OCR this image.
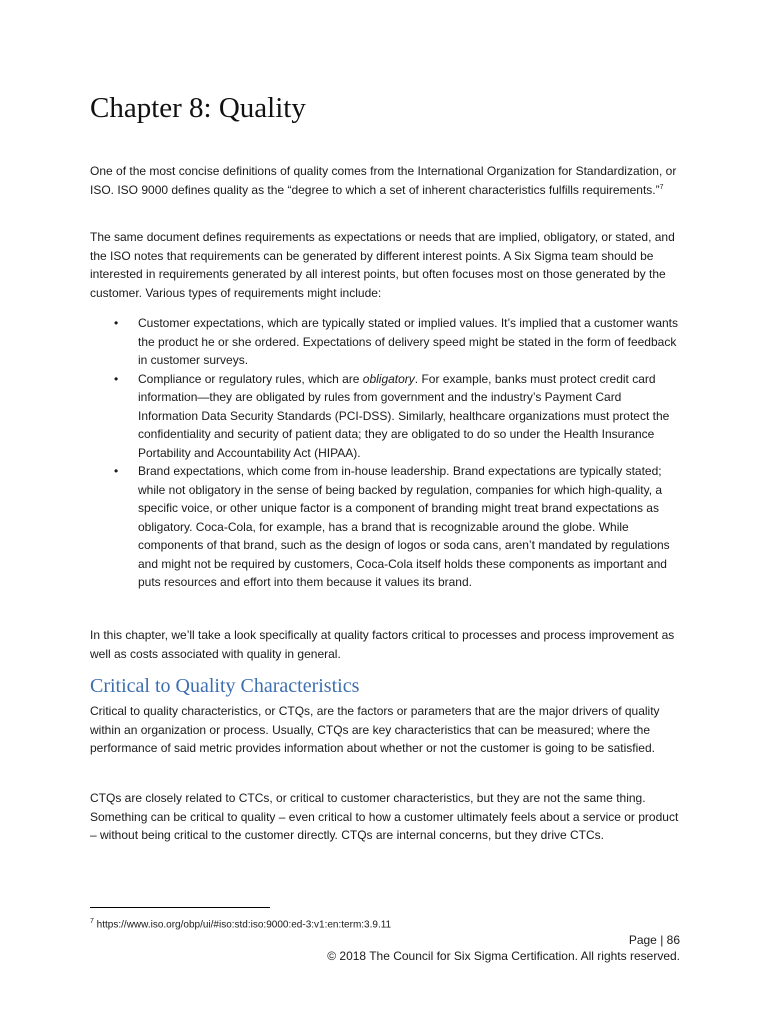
Chapter 8: Quality

One of the most concise definitions of quality comes from the International Organization for Standardization, or ISO. ISO 9000 defines quality as the “degree to which a set of inherent characteristics fulfills requirements.”$^7$

The same document defines requirements as expectations or needs that are implied, obligatory, or stated, and the ISO notes that requirements can be generated by different interest points. A Six Sigma team should be interested in requirements generated by all interest points, but often focuses most on those generated by the customer. Various types of requirements might include:

• Customer expectations, which are typically stated or implied values. It’s implied that a customer wants the product he or she ordered. Expectations of delivery speed might be stated in the form of feedback in customer surveys.
• Compliance or regulatory rules, which are obligatory. For example, banks must protect credit card information—they are obligated by rules from government and the industry’s Payment Card Information Data Security Standards (PCI-DSS). Similarly, healthcare organizations must protect the confidentiality and security of patient data; they are obligated to do so under the Health Insurance Portability and Accountability Act (HIPAA).
• Brand expectations, which come from in-house leadership. Brand expectations are typically stated; while not obligatory in the sense of being backed by regulation, companies for which high-quality, a specific voice, or other unique factor is a component of branding might treat brand expectations as obligatory. Coca-Cola, for example, has a brand that is recognizable around the globe. While components of that brand, such as the design of logos or soda cans, aren’t mandated by regulations and might not be required by customers, Coca-Cola itself holds these components as important and puts resources and effort into them because it values its brand.

In this chapter, we’ll take a look specifically at quality factors critical to processes and process improvement as well as costs associated with quality in general.

Critical to Quality Characteristics

Critical to quality characteristics, or CTQs, are the factors or parameters that are the major drivers of quality within an organization or process. Usually, CTQs are key characteristics that can be measured; where the performance of said metric provides information about whether or not the customer is going to be satisfied.

CTQs are closely related to CTCs, or critical to customer characteristics, but they are not the same thing. Something can be critical to quality – even critical to how a customer ultimately feels about a service or product – without being critical to the customer directly. CTQs are internal concerns, but they drive CTCs.

$^7$ https://www.iso.org/obp/ui/#iso:std:iso:9000:ed-3:v1:en:term:3.9.11
Page | 86
© 2018 The Council for Six Sigma Certification. All rights reserved.
